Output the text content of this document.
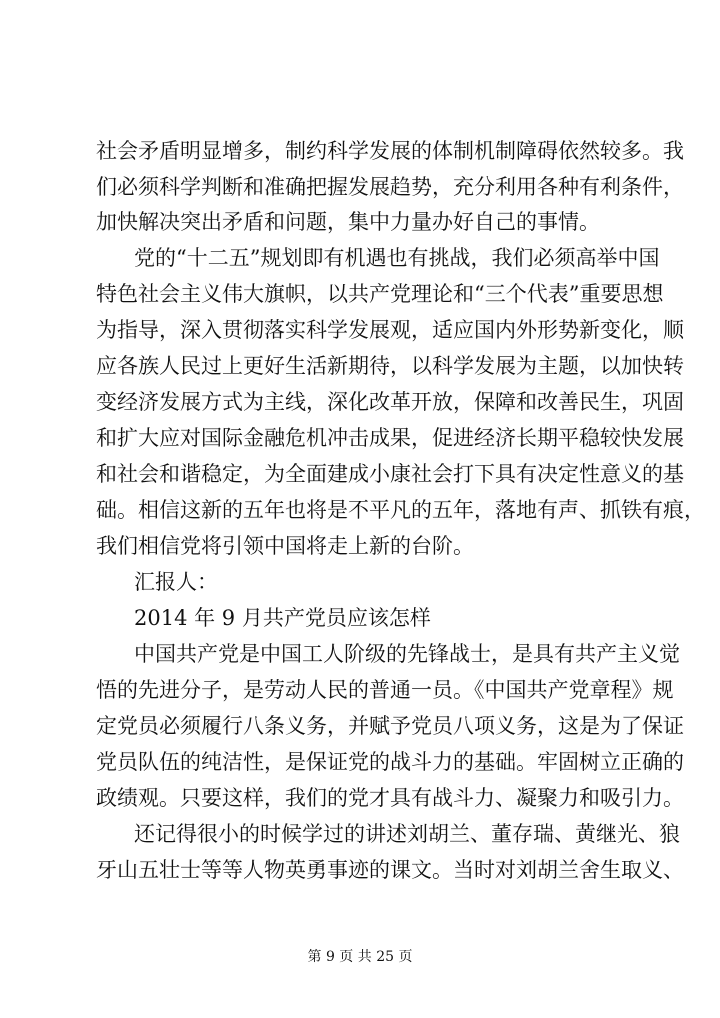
社会矛盾明显增多，制约科学发展的体制机制障碍依然较多。我
们必须科学判断和准确把握发展趋势，充分利用各种有利条件，
加快解决突出矛盾和问题，集中力量办好自己的事情。
党的“十二五”规划即有机遇也有挑战，我们必须高举中国
特色社会主义伟大旗帜，以共产党理论和“三个代表”重要思想
为指导，深入贯彻落实科学发展观，适应国内外形势新变化，顺
应各族人民过上更好生活新期待，以科学发展为主题，以加快转
变经济发展方式为主线，深化改革开放，保障和改善民生，巩固
和扩大应对国际金融危机冲击成果，促进经济长期平稳较快发展
和社会和谐稳定，为全面建成小康社会打下具有决定性意义的基
础。相信这新的五年也将是不平凡的五年，落地有声、抓铁有痕，
我们相信党将引领中国将走上新的台阶。
汇报人：
2014 年 9 月共产党员应该怎样
中国共产党是中国工人阶级的先锋战士，是具有共产主义觉
悟的先进分子，是劳动人民的普通一员。《中国共产党章程》规
定党员必须履行八条义务，并赋予党员八项义务，这是为了保证
党员队伍的纯洁性，是保证党的战斗力的基础。牢固树立正确的
政绩观。只要这样，我们的党才具有战斗力、凝聚力和吸引力。
还记得很小的时候学过的讲述刘胡兰、董存瑞、黄继光、狼
牙山五壮士等等人物英勇事迹的课文。当时对刘胡兰舍生取义、
第 9 页 共 25 页
